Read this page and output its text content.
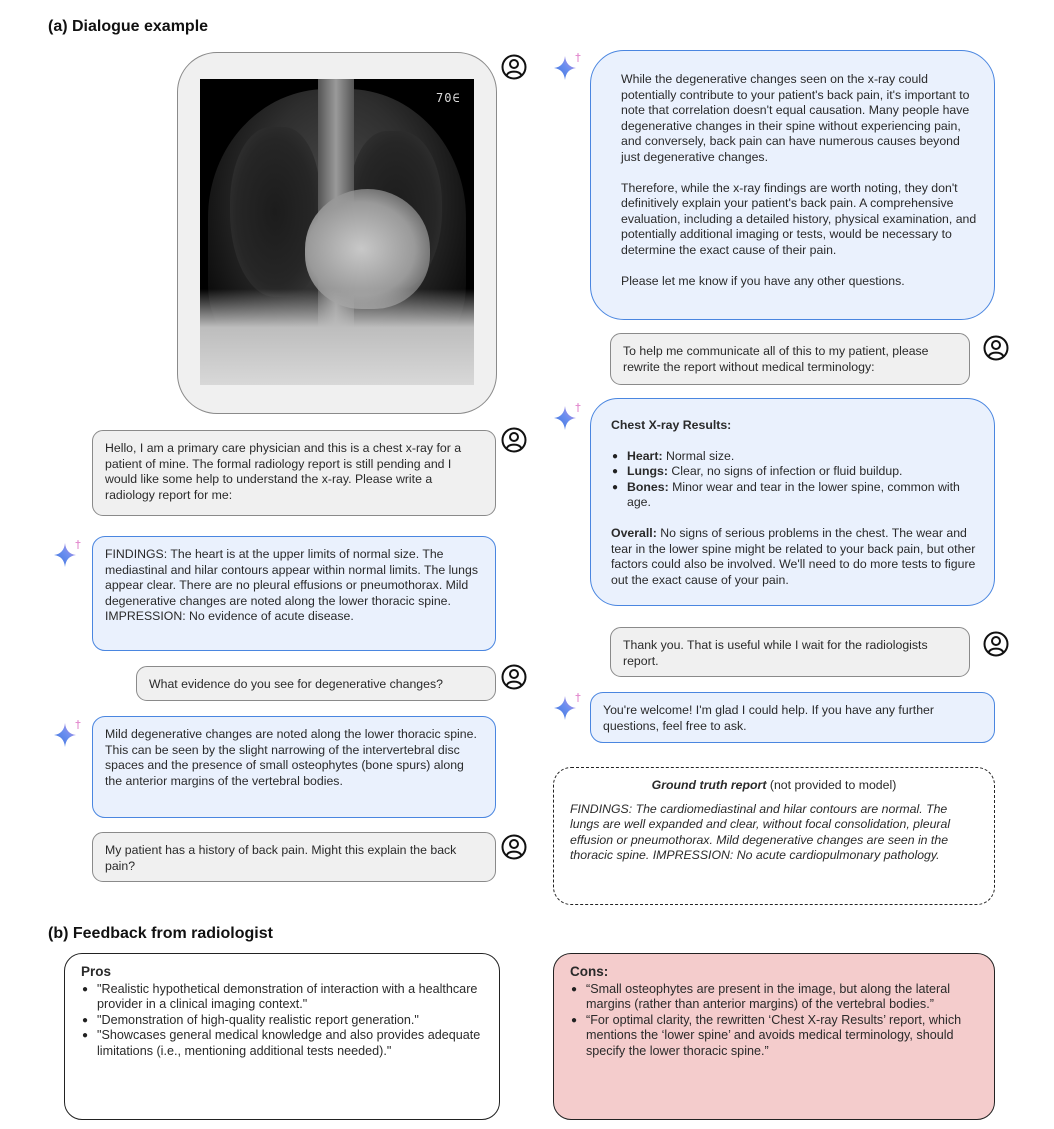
(a) Dialogue example
70∈

Hello, I am a primary care physician and this is a chest x-ray for a patient of mine. The formal radiology report is still pending and I would like some help to understand the x-ray. Please write a radiology report for me:

FINDINGS: The heart is at the upper limits of normal size. The mediastinal and hilar contours appear within normal limits. The lungs appear clear. There are no pleural effusions or pneumothorax. Mild degenerative changes are noted along the lower thoracic spine. IMPRESSION: No evidence of acute disease.

What evidence do you see for degenerative changes?

Mild degenerative changes are noted along the lower thoracic spine. This can be seen by the slight narrowing of the intervertebral disc spaces and the presence of small osteophytes (bone spurs) along the anterior margins of the vertebral bodies.

My patient has a history of back pain. Might this explain the back pain?

While the degenerative changes seen on the x-ray could potentially contribute to your patient's back pain, it's important to note that correlation doesn't equal causation. Many people have degenerative changes in their spine without experiencing pain, and conversely, back pain can have numerous causes beyond just degenerative changes.

Therefore, while the x-ray findings are worth noting, they don't definitively explain your patient's back pain. A comprehensive evaluation, including a detailed history, physical examination, and potentially additional imaging or tests, would be necessary to determine the exact cause of their pain.

Please let me know if you have any other questions.

To help me communicate all of this to my patient, please rewrite the report without medical terminology:

Chest X-ray Results:

● Heart: Normal size.
● Lungs: Clear, no signs of infection or fluid buildup.
● Bones: Minor wear and tear in the lower spine, common with age.

Overall: No signs of serious problems in the chest. The wear and tear in the lower spine might be related to your back pain, but other factors could also be involved. We'll need to do more tests to figure out the exact cause of your pain.

Thank you. That is useful while I wait for the radiologists report.

You're welcome! I'm glad I could help. If you have any further questions, feel free to ask.

Ground truth report (not provided to model)

FINDINGS: The cardiomediastinal and hilar contours are normal. The lungs are well expanded and clear, without focal consolidation, pleural effusion or pneumothorax. Mild degenerative changes are seen in the thoracic spine. IMPRESSION: No acute cardiopulmonary pathology.

(b) Feedback from radiologist

Pros

● "Realistic hypothetical demonstration of interaction with a healthcare provider in a clinical imaging context."
● "Demonstration of high-quality realistic report generation."
● "Showcases general medical knowledge and also provides adequate limitations (i.e., mentioning additional tests needed)."

Cons:

● “Small osteophytes are present in the image, but along the lateral margins (rather than anterior margins) of the vertebral bodies.”
● “For optimal clarity, the rewritten ‘Chest X-ray Results’ report, which mentions the ‘lower spine’ and avoids medical terminology, should specify the lower thoracic spine.”
